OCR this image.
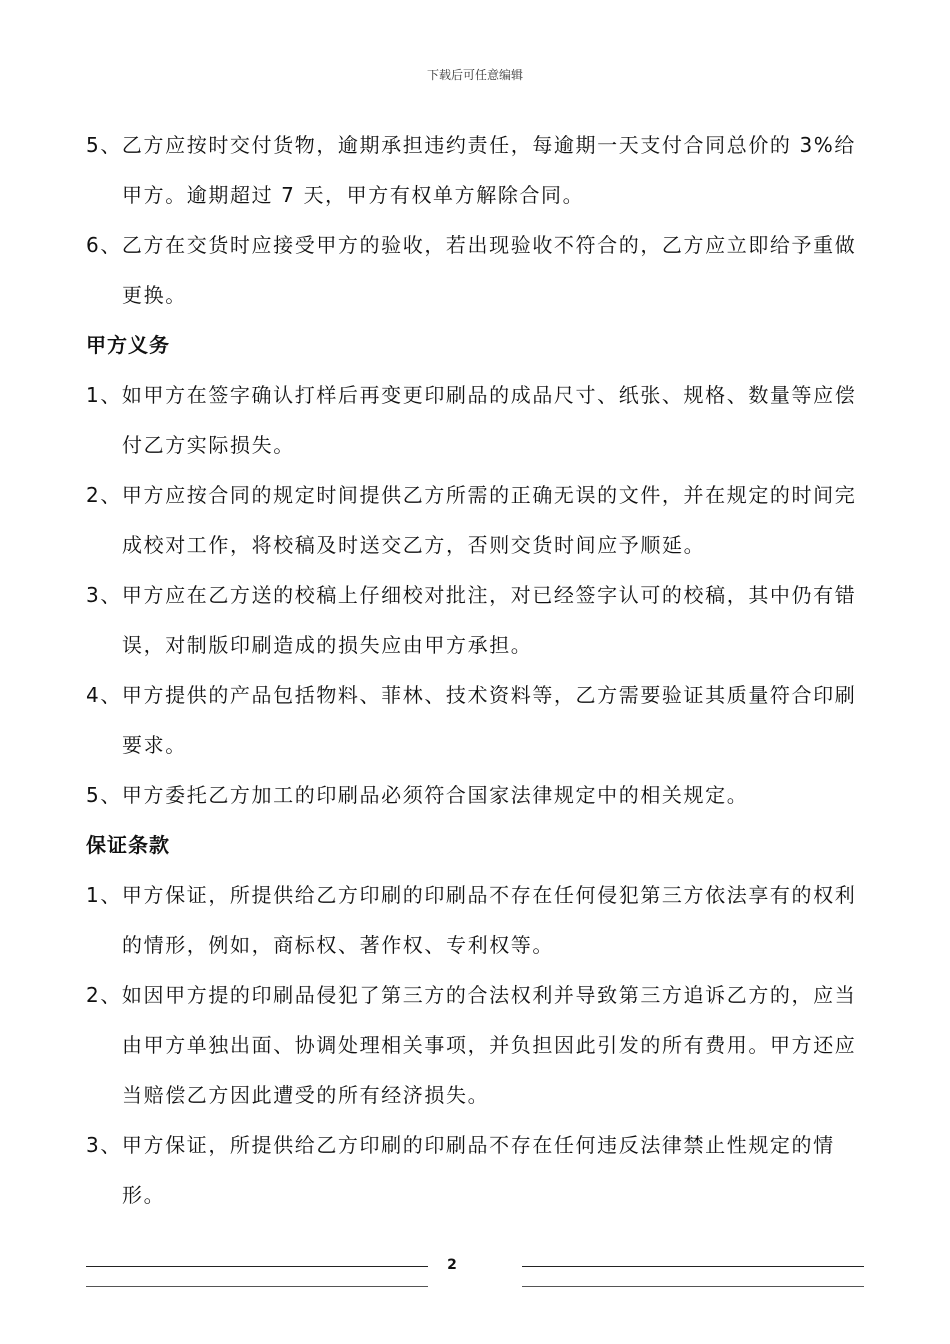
下载后可任意编辑

5、乙方应按时交付货物，逾期承担违约责任，每逾期一天支付合同总价的 3%给甲方。逾期超过 7 天，甲方有权单方解除合同。

6、乙方在交货时应接受甲方的验收，若出现验收不符合的，乙方应立即给予重做更换。

甲方义务

1、如甲方在签字确认打样后再变更印刷品的成品尺寸、纸张、规格、数量等应偿付乙方实际损失。

2、甲方应按合同的规定时间提供乙方所需的正确无误的文件，并在规定的时间完成校对工作，将校稿及时送交乙方，否则交货时间应予顺延。

3、甲方应在乙方送的校稿上仔细校对批注，对已经签字认可的校稿，其中仍有错误，对制版印刷造成的损失应由甲方承担。

4、甲方提供的产品包括物料、菲林、技术资料等，乙方需要验证其质量符合印刷要求。

5、甲方委托乙方加工的印刷品必须符合国家法律规定中的相关规定。

保证条款

1、甲方保证，所提供给乙方印刷的印刷品不存在任何侵犯第三方依法享有的权利的情形，例如，商标权、著作权、专利权等。

2、如因甲方提的印刷品侵犯了第三方的合法权利并导致第三方追诉乙方的，应当由甲方单独出面、协调处理相关事项，并负担因此引发的所有费用。甲方还应当赔偿乙方因此遭受的所有经济损失。

3、甲方保证，所提供给乙方印刷的印刷品不存在任何违反法律禁止性规定的情形。

2
